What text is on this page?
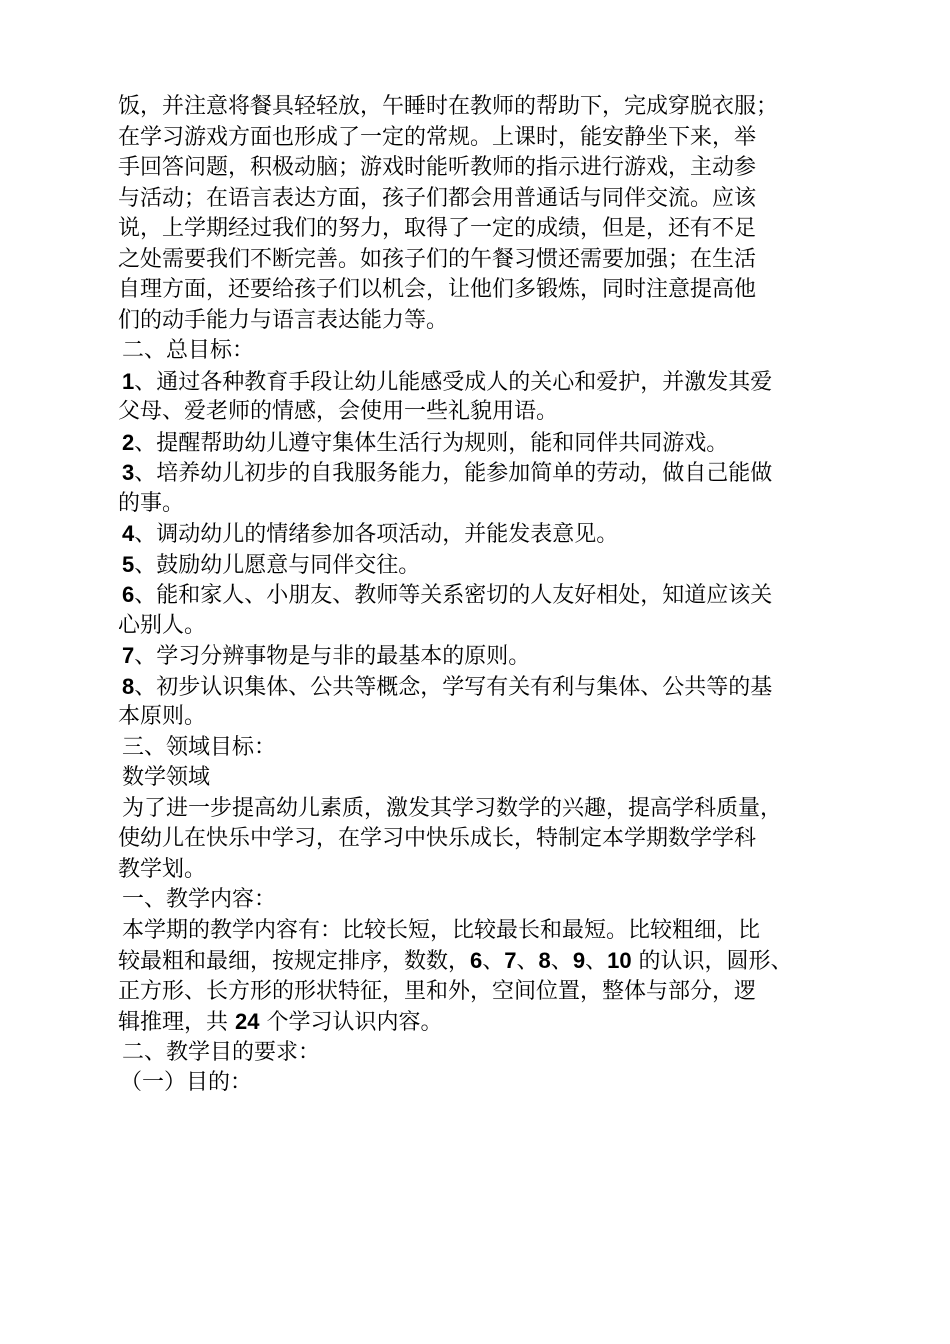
饭，并注意将餐具轻轻放，午睡时在教师的帮助下，完成穿脱衣服；
在学习游戏方面也形成了一定的常规。上课时，能安静坐下来，举
手回答问题，积极动脑；游戏时能听教师的指示进行游戏，主动参
与活动；在语言表达方面，孩子们都会用普通话与同伴交流。应该
说，上学期经过我们的努力，取得了一定的成绩，但是，还有不足
之处需要我们不断完善。如孩子们的午餐习惯还需要加强；在生活
自理方面，还要给孩子们以机会，让他们多锻炼，同时注意提高他
们的动手能力与语言表达能力等。
二、总目标：
1、通过各种教育手段让幼儿能感受成人的关心和爱护，并激发其爱
父母、爱老师的情感，会使用一些礼貌用语。
2、提醒帮助幼儿遵守集体生活行为规则，能和同伴共同游戏。
3、培养幼儿初步的自我服务能力，能参加简单的劳动，做自己能做
的事。
4、调动幼儿的情绪参加各项活动，并能发表意见。
5、鼓励幼儿愿意与同伴交往。
6、能和家人、小朋友、教师等关系密切的人友好相处，知道应该关
心别人。
7、学习分辨事物是与非的最基本的原则。
8、初步认识集体、公共等概念，学写有关有利与集体、公共等的基
本原则。
三、领域目标：
数学领域
为了进一步提高幼儿素质，激发其学习数学的兴趣，提高学科质量，
使幼儿在快乐中学习，在学习中快乐成长，特制定本学期数学学科
教学划。
一、教学内容：
本学期的教学内容有：比较长短，比较最长和最短。比较粗细，比
较最粗和最细，按规定排序，数数，6、7、8、9、10 的认识，圆形、
正方形、长方形的形状特征，里和外，空间位置，整体与部分，逻
辑推理，共 24 个学习认识内容。
二、教学目的要求：
（一）目的：
